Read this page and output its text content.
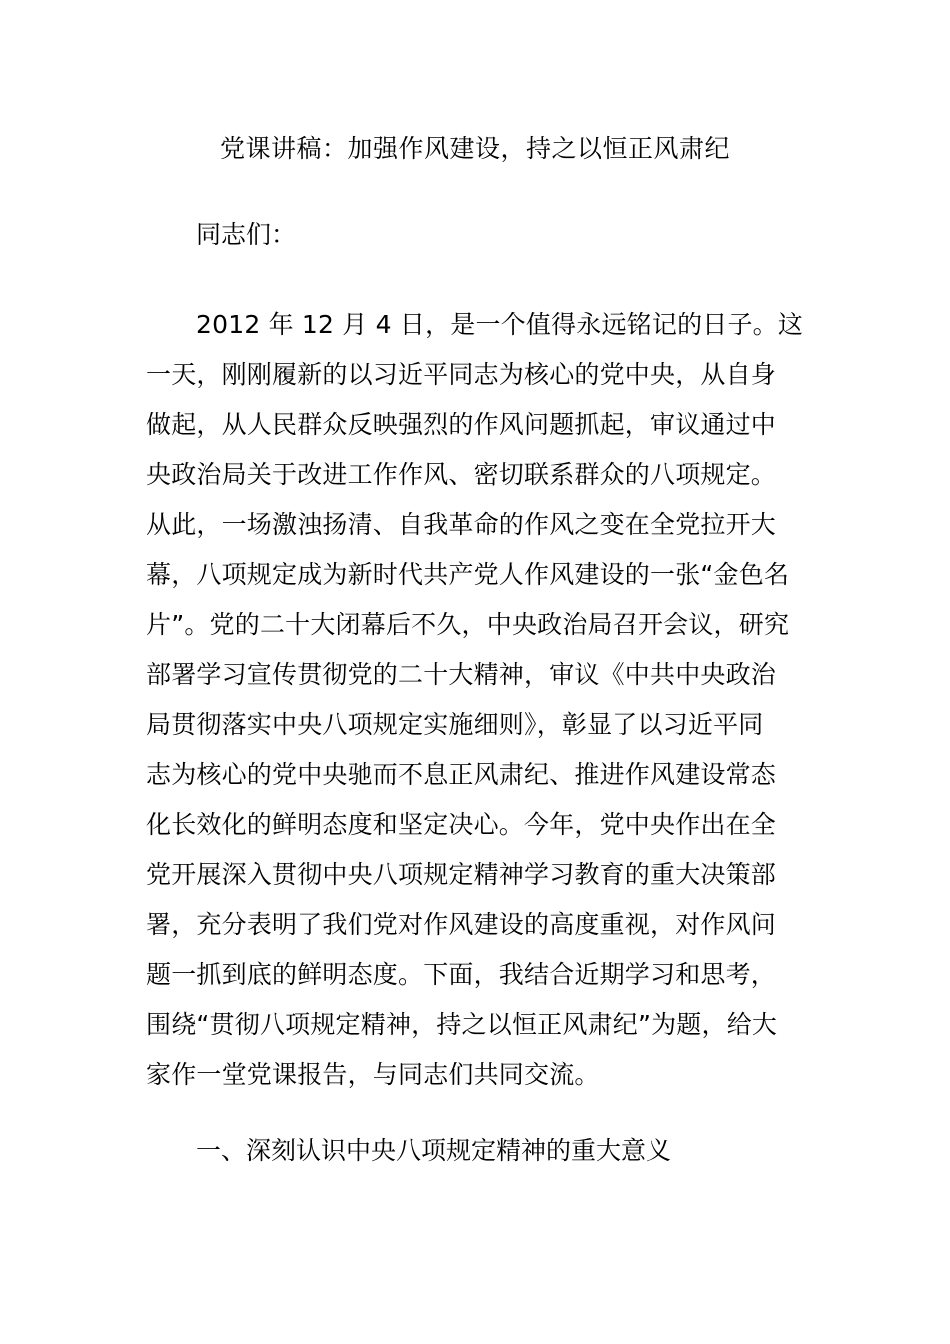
党课讲稿：加强作风建设，持之以恒正风肃纪
同志们：
2012 年 12 月 4 日，是一个值得永远铭记的日子。这
一天，刚刚履新的以习近平同志为核心的党中央，从自身
做起，从人民群众反映强烈的作风问题抓起，审议通过中
央政治局关于改进工作作风、密切联系群众的八项规定。
从此，一场激浊扬清、自我革命的作风之变在全党拉开大
幕，八项规定成为新时代共产党人作风建设的一张“金色名
片”。党的二十大闭幕后不久，中央政治局召开会议，研究
部署学习宣传贯彻党的二十大精神，审议《中共中央政治
局贯彻落实中央八项规定实施细则》，彰显了以习近平同
志为核心的党中央驰而不息正风肃纪、推进作风建设常态
化长效化的鲜明态度和坚定决心。今年，党中央作出在全
党开展深入贯彻中央八项规定精神学习教育的重大决策部
署，充分表明了我们党对作风建设的高度重视，对作风问
题一抓到底的鲜明态度。下面，我结合近期学习和思考，
围绕“贯彻八项规定精神，持之以恒正风肃纪”为题，给大
家作一堂党课报告，与同志们共同交流。
一、深刻认识中央八项规定精神的重大意义
